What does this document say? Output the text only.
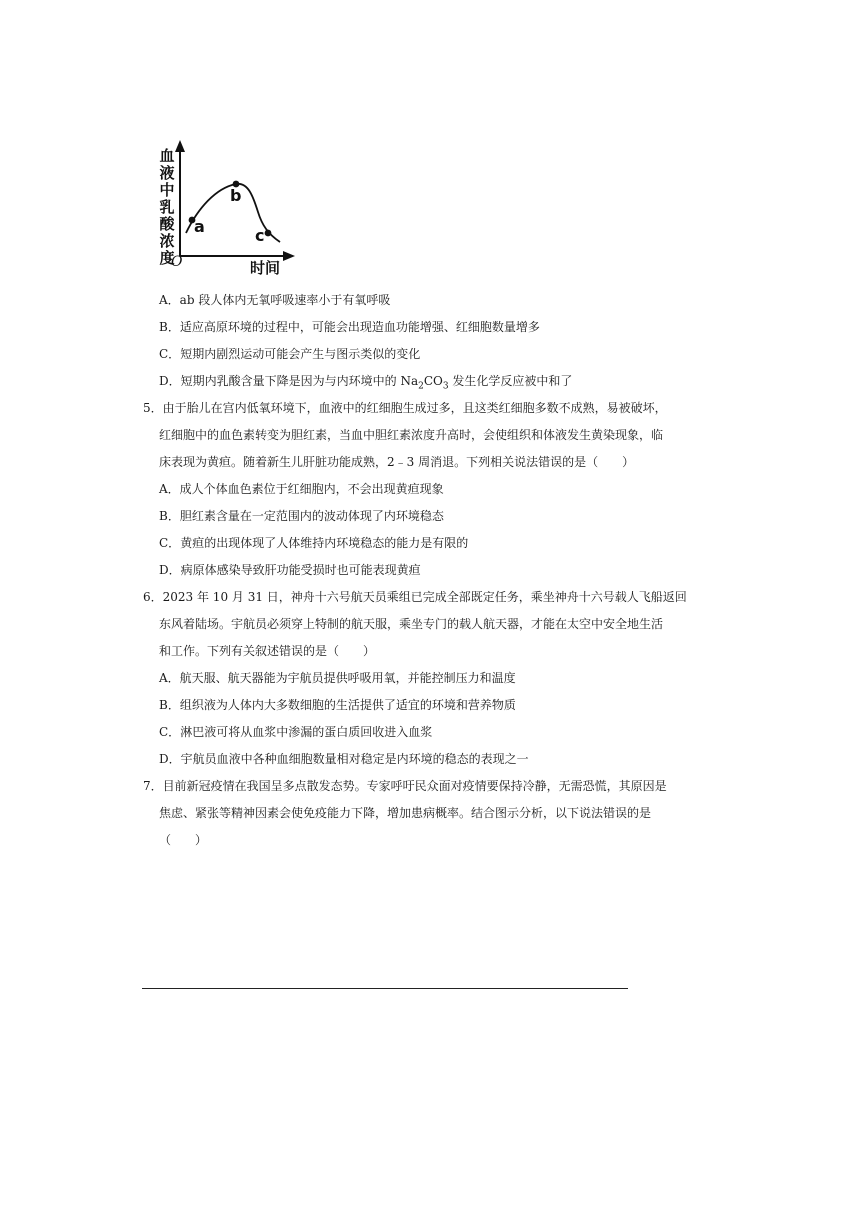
血液中乳酸浓度
时间
O
a
b
c
A．ab 段人体内无氧呼吸速率小于有氧呼吸
B．适应高原环境的过程中，可能会出现造血功能增强、红细胞数量增多
C．短期内剧烈运动可能会产生与图示类似的变化
D．短期内乳酸含量下降是因为与内环境中的 $Na_2CO_3$ 发生化学反应被中和了
5．由于胎儿在宫内低氧环境下，血液中的红细胞生成过多，且这类红细胞多数不成熟，易被破坏，
红细胞中的血色素转变为胆红素，当血中胆红素浓度升高时，会使组织和体液发生黄染现象，临
床表现为黄疸。随着新生儿肝脏功能成熟，2﹣3 周消退。下列相关说法错误的是（　　）
A．成人个体血色素位于红细胞内，不会出现黄疸现象
B．胆红素含量在一定范围内的波动体现了内环境稳态
C．黄疸的出现体现了人体维持内环境稳态的能力是有限的
D．病原体感染导致肝功能受损时也可能表现黄疸
6．2023 年 10 月 31 日，神舟十六号航天员乘组已完成全部既定任务，乘坐神舟十六号载人飞船返回
东风着陆场。宇航员必须穿上特制的航天服，乘坐专门的载人航天器，才能在太空中安全地生活
和工作。下列有关叙述错误的是（　　）
A．航天服、航天器能为宇航员提供呼吸用氧，并能控制压力和温度
B．组织液为人体内大多数细胞的生活提供了适宜的环境和营养物质
C．淋巴液可将从血浆中渗漏的蛋白质回收进入血浆
D．宇航员血液中各种血细胞数量相对稳定是内环境的稳态的表现之一
7．目前新冠疫情在我国呈多点散发态势。专家呼吁民众面对疫情要保持冷静，无需恐慌，其原因是
焦虑、紧张等精神因素会使免疫能力下降，增加患病概率。结合图示分析，以下说法错误的是
（　　）
